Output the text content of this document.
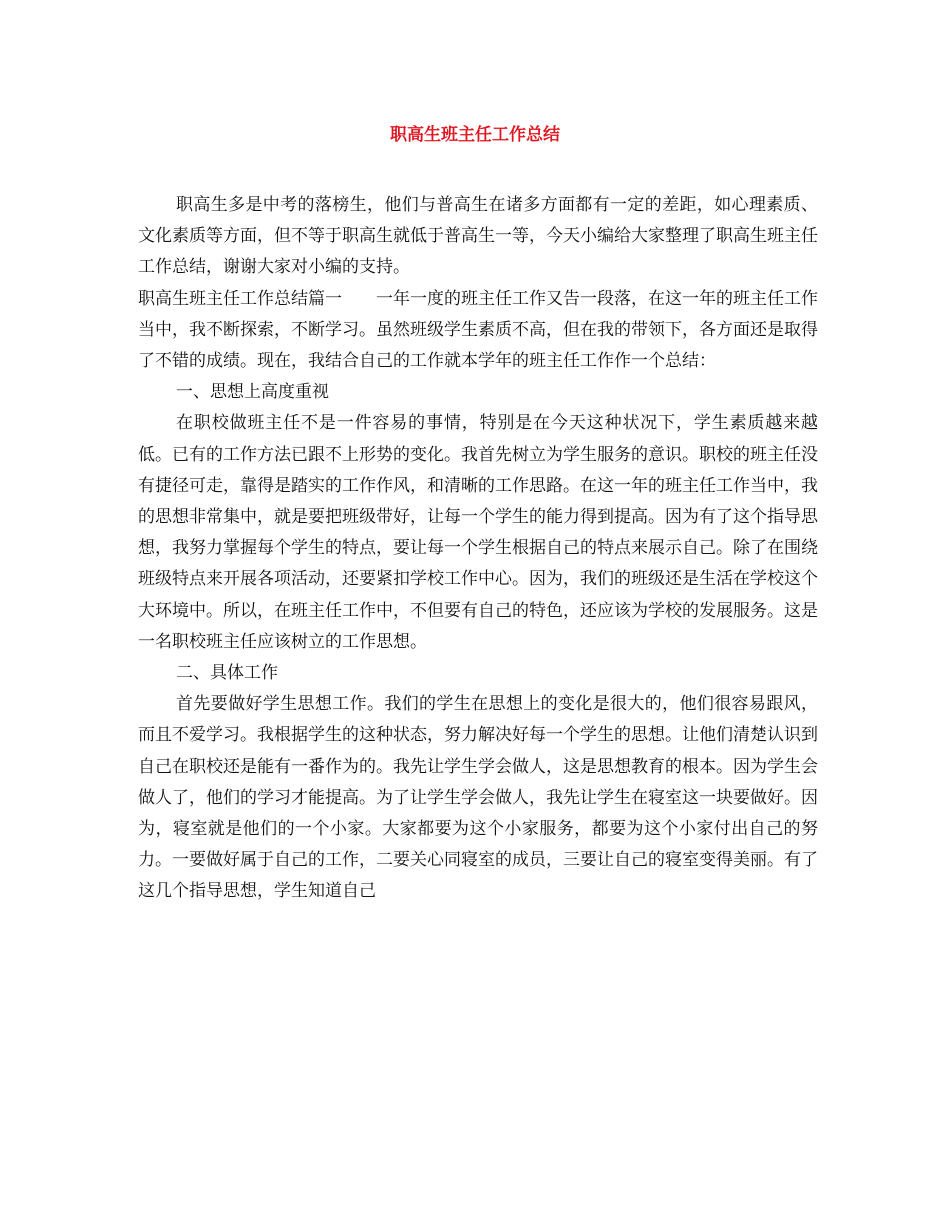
职高生班主任工作总结

职高生多是中考的落榜生，他们与普高生在诸多方面都有一定的差距，如心理素质、文化素质等方面，但不等于职高生就低于普高生一等，今天小编给大家整理了职高生班主任工作总结，谢谢大家对小编的支持。

职高生班主任工作总结篇一　　一年一度的班主任工作又告一段落，在这一年的班主任工作当中，我不断探索，不断学习。虽然班级学生素质不高，但在我的带领下，各方面还是取得了不错的成绩。现在，我结合自己的工作就本学年的班主任工作作一个总结：

一、思想上高度重视

在职校做班主任不是一件容易的事情，特别是在今天这种状况下，学生素质越来越低。已有的工作方法已跟不上形势的变化。我首先树立为学生服务的意识。职校的班主任没有捷径可走，靠得是踏实的工作作风，和清晰的工作思路。在这一年的班主任工作当中，我的思想非常集中，就是要把班级带好，让每一个学生的能力得到提高。因为有了这个指导思想，我努力掌握每个学生的特点，要让每一个学生根据自己的特点来展示自己。除了在围绕班级特点来开展各项活动，还要紧扣学校工作中心。因为，我们的班级还是生活在学校这个大环境中。所以，在班主任工作中，不但要有自己的特色，还应该为学校的发展服务。这是一名职校班主任应该树立的工作思想。

二、具体工作

首先要做好学生思想工作。我们的学生在思想上的变化是很大的，他们很容易跟风，而且不爱学习。我根据学生的这种状态，努力解决好每一个学生的思想。让他们清楚认识到自己在职校还是能有一番作为的。我先让学生学会做人，这是思想教育的根本。因为学生会做人了，他们的学习才能提高。为了让学生学会做人，我先让学生在寝室这一块要做好。因为，寝室就是他们的一个小家。大家都要为这个小家服务，都要为这个小家付出自己的努力。一要做好属于自己的工作，二要关心同寝室的成员，三要让自己的寝室变得美丽。有了这几个指导思想，学生知道自己
